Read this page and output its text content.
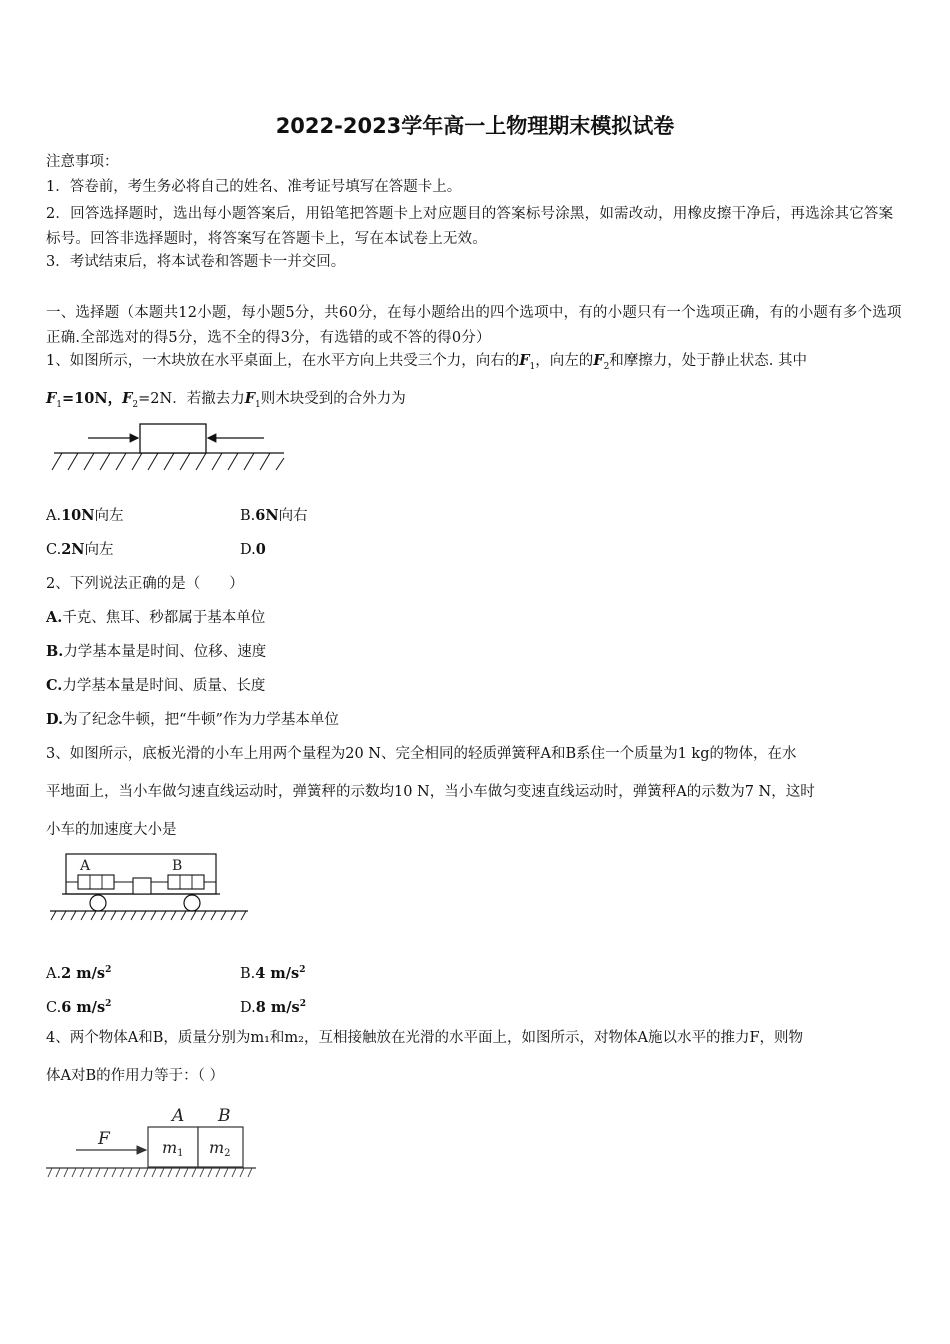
2022-2023学年高一上物理期末模拟试卷
注意事项：
1．答卷前，考生务必将自己的姓名、准考证号填写在答题卡上。
2．回答选择题时，选出每小题答案后，用铅笔把答题卡上对应题目的答案标号涂黑，如需改动，用橡皮擦干净后，再选涂其它答案标号。回答非选择题时，将答案写在答题卡上，写在本试卷上无效。
3．考试结束后，将本试卷和答题卡一并交回。
一、选择题（本题共12小题，每小题5分，共60分，在每小题给出的四个选项中，有的小题只有一个选项正确，有的小题有多个选项正确.全部选对的得5分，选不全的得3分，有选错的或不答的得0分）
1、如图所示，一木块放在水平桌面上，在水平方向上共受三个力，向右的$F_1$，向左的$F_2$和摩擦力，处于静止状态. 其中
$F_1=10N$，$F_2=2N$．若撤去力$F_1$则木块受到的合外力为
A.10N向左	B.6N向右
C.2N向左	D.0
2、下列说法正确的是（　　）
A.千克、焦耳、秒都属于基本单位
B.力学基本量是时间、位移、速度
C.力学基本量是时间、质量、长度
D.为了纪念牛顿，把“牛顿”作为力学基本单位
3、如图所示，底板光滑的小车上用两个量程为20 N、完全相同的轻质弹簧秤A和B系住一个质量为1 kg的物体，在水
平地面上，当小车做匀速直线运动时，弹簧秤的示数均10 N，当小车做匀变速直线运动时，弹簧秤A的示数为7 N，这时
小车的加速度大小是
A	B
A.2 $m/s^2$	B.4 $m/s^2$
C.6 $m/s^2$	D.8 $m/s^2$
4、两个物体A和B，质量分别为m₁和m₂，互相接触放在光滑的水平面上，如图所示，对物体A施以水平的推力F，则物
体A对B的作用力等于：（ ）
F
A B
m1 m2
